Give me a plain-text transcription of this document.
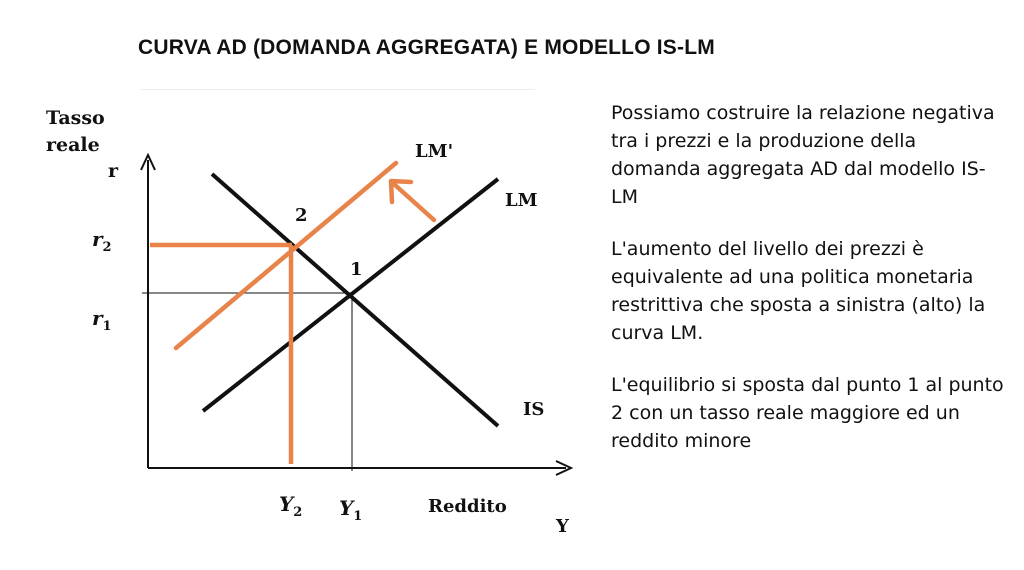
CURVA AD (DOMANDA AGGREGATA) E MODELLO IS-LM
Tasso
reale
r
$r_2$
$r_1$
$Y_2$ $Y_1$	Reddito
Y
LM'
LM
IS
2
1

Possiamo costruire la relazione negativa tra i prezzi e la produzione della domanda aggregata AD dal modello IS-LM

L'aumento del livello dei prezzi è equivalente ad una politica monetaria restrittiva che sposta a sinistra (alto) la curva LM.

L'equilibrio si sposta dal punto 1 al punto 2 con un tasso reale maggiore ed un reddito minore
